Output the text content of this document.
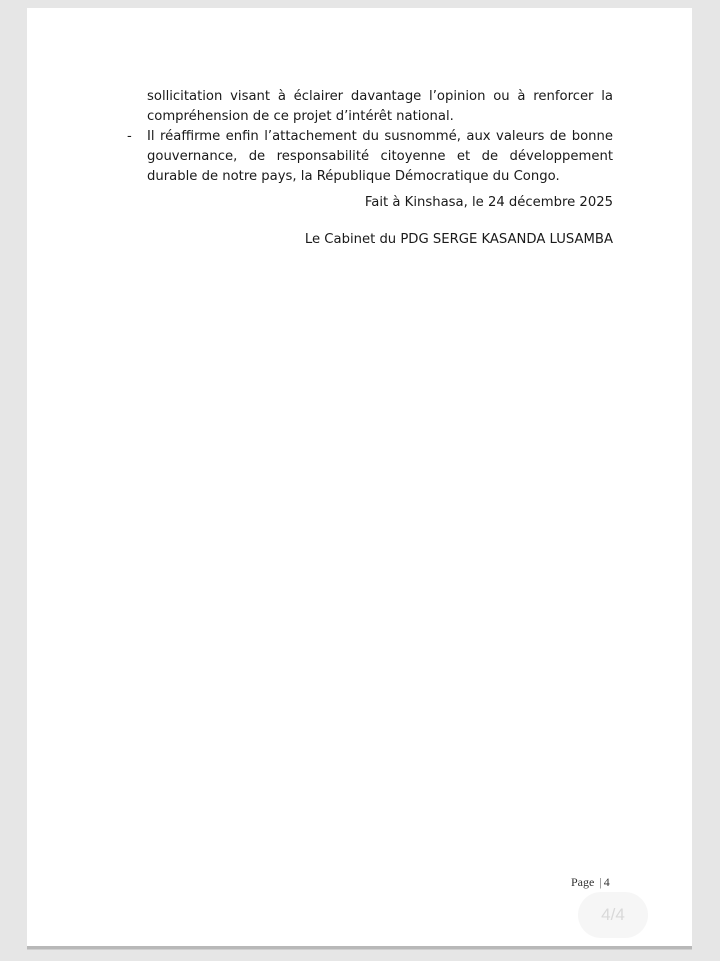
sollicitation visant à éclairer davantage l’opinion ou à renforcer la compréhension de ce projet d’intérêt national.

- Il réaffirme enfin l’attachement du susnommé, aux valeurs de bonne gouvernance, de responsabilité citoyenne et de développement durable de notre pays, la République Démocratique du Congo.
Fait à Kinshasa, le 24 décembre 2025
Le Cabinet du PDG SERGE KASANDA LUSAMBA
Page | 4
4/4
